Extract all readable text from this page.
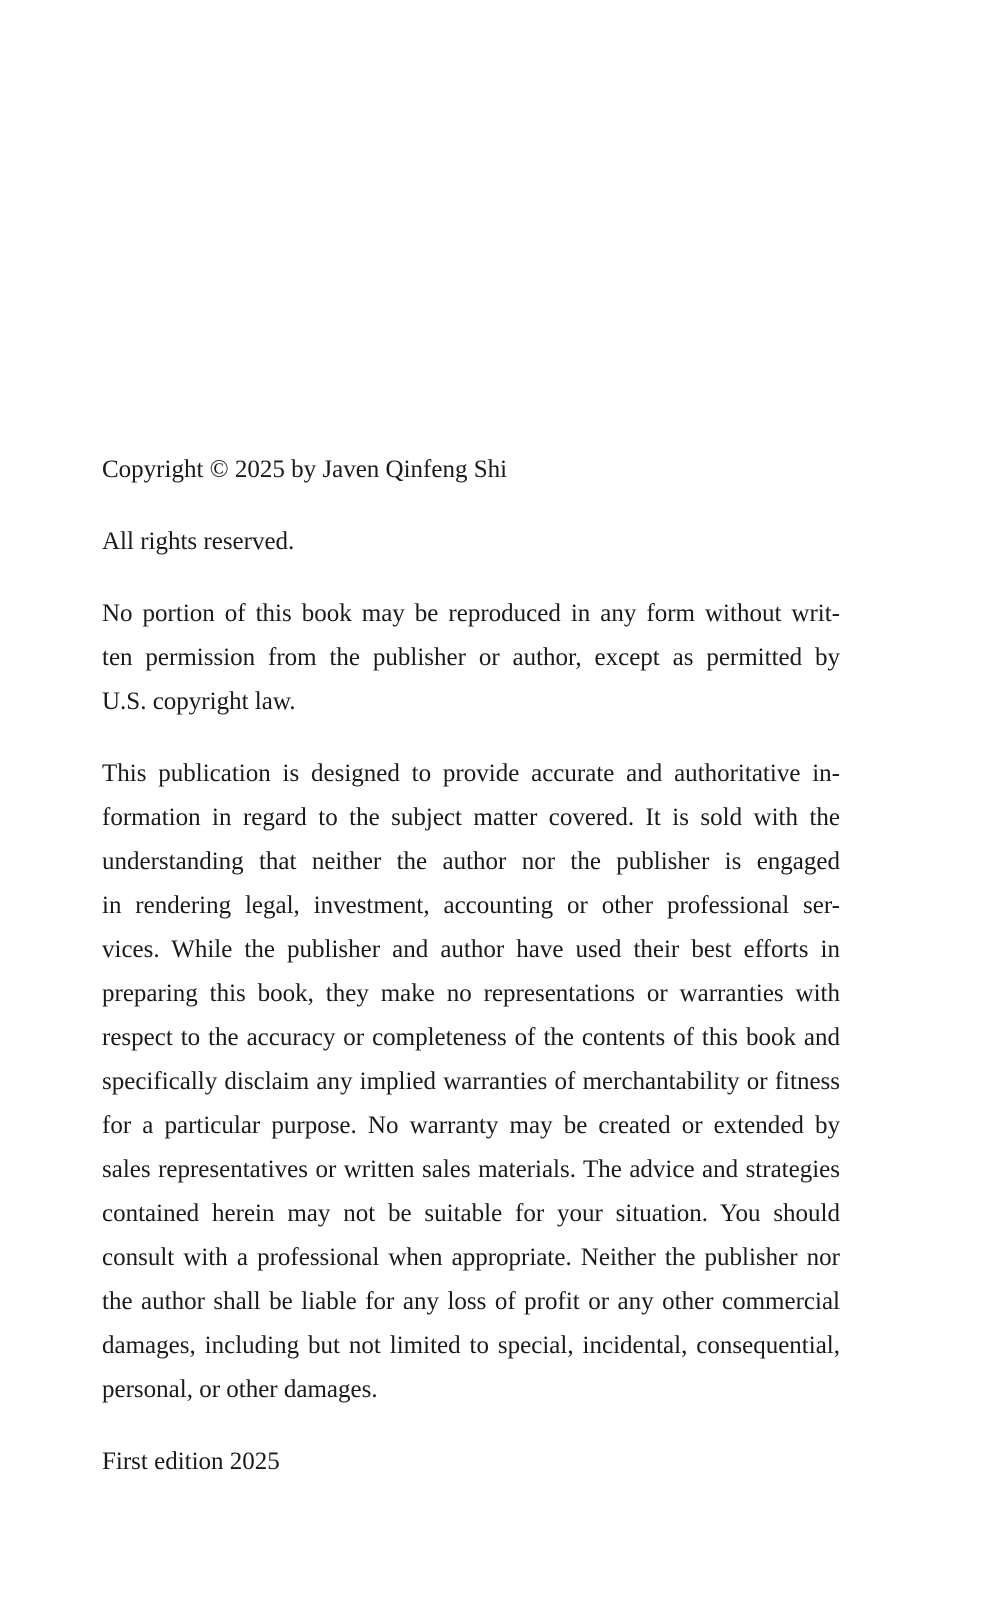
Copyright © 2025 by Javen Qinfeng Shi

All rights reserved.

No portion of this book may be reproduced in any form without writ-
ten permission from the publisher or author, except as permitted by
U.S. copyright law.

This publication is designed to provide accurate and authoritative in-
formation in regard to the subject matter covered. It is sold with the
understanding that neither the author nor the publisher is engaged
in rendering legal, investment, accounting or other professional ser-
vices. While the publisher and author have used their best efforts in
preparing this book, they make no representations or warranties with
respect to the accuracy or completeness of the contents of this book and
specifically disclaim any implied warranties of merchantability or fitness
for a particular purpose. No warranty may be created or extended by
sales representatives or written sales materials. The advice and strategies
contained herein may not be suitable for your situation. You should
consult with a professional when appropriate. Neither the publisher nor
the author shall be liable for any loss of profit or any other commercial
damages, including but not limited to special, incidental, consequential,
personal, or other damages.

First edition 2025
